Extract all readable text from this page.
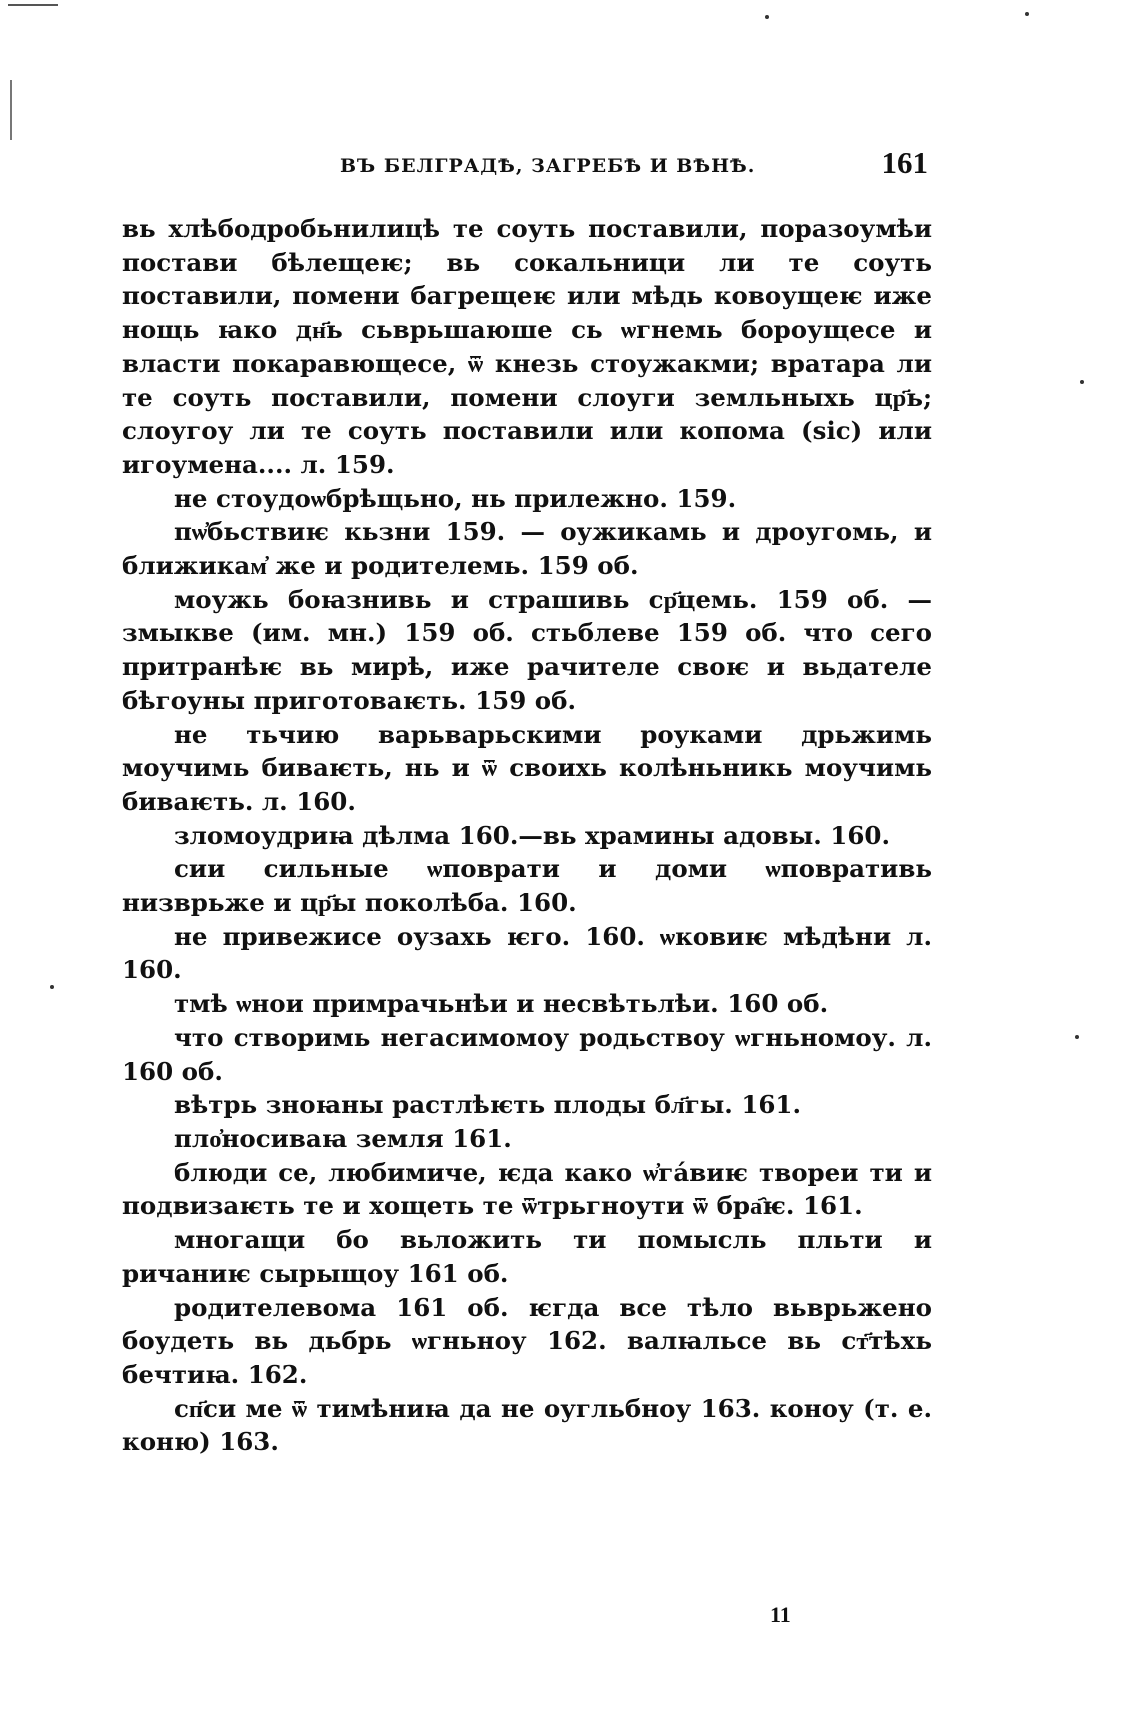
ВЪ БЕЛГРАДѢ, ЗАГРЕБѢ И ВѢНѢ.	161

вь хлѣбодробьнилицѣ те соуть поставили, поразоумѣи постави бѣлещеѥ; вь сокальници ли те соуть поставили, помени багрещеѥ или мѣдь ковоущеѥ иже нощь ꙗко дн҃ь сьврьшаюше сь ѡгнемь бороущесе и власти покаравющесе, ѿ кнезь стоужакми; вратара ли те соуть поставили, помени слоуги земльныхь цр҃ь; слоугоу ли те соуть поставили или копома (sic) или игоумена.... л. 159.

не стоудоѡбрѣщьно, нь прилежно. 159.

пѡ҆бьствиѥ кьзни 159. — оужикамь и дроугомь, и ближикам҆ же и родителемь. 159 об.

моужь боꙗзнивь и страшивь ср҃цемь. 159 об. — змыкве (им. мн.) 159 об. стьблеве 159 об. что сего притранѣѥ вь мирѣ, иже рачителе своѥ и вьдателе бѣгоуны приготоваѥть. 159 об.

не тьчию варьварьскими роуками дрьжимь моучимь биваѥть, нь и ѿ своихь колѣньникь моучимь биваѥть. л. 160.

зломоудриꙗ дѣлма 160.—вь храмины адовы. 160.

сии сильные ѡповрати и доми ѡповративь низврьже и цр҃ы поколѣба. 160.

не привежисе оузахь ѥго. 160. ѡковиѥ мѣдѣни л. 160.

тмѣ ѡнои примрачьнѣи и несвѣтьлѣи. 160 об.

что створимь негасимомоу родьствоу ѡгньномоу. л. 160 об.

вѣтрь зноꙗны растлѣѥть плоды бл҃гы. 161.

пло҆носиваꙗ земля 161.

блюди се, любимиче, ѥда како ѡ҆га́виѥ твореи ти и подвизаѥть те и хощеть те ѿтрьгноути ѿ бра҄ѥ. 161.

многащи бо вьложить ти помысль пльти и ричаниѥ сырыщоу 161 об.

родителевома 161 об. ѥгда все тѣло вьврьжено боудеть вь дьбрь ѡгньноу 162. валꙗльсе вь ст҃тѣхь бечтиꙗ. 162.

сп҃си ме ѿ тимѣниꙗ да не оугльбноу 163. коноу (т. е. коню) 163.

11
